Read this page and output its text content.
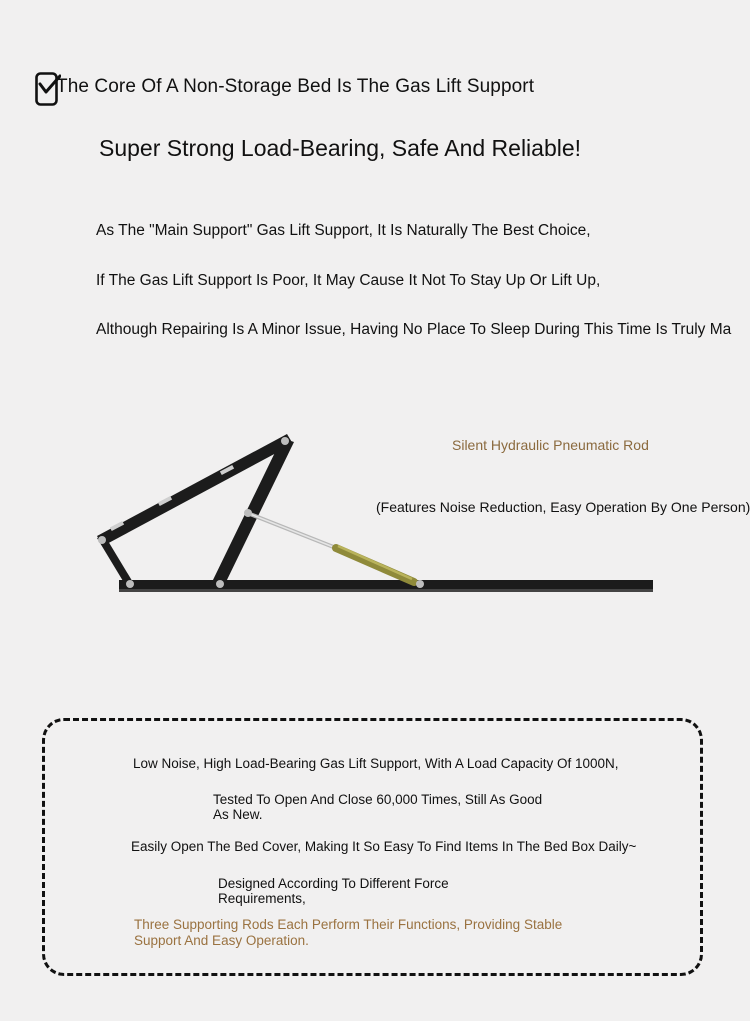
The Core Of A Non-Storage Bed Is The Gas Lift Support
Super Strong Load-Bearing, Safe And Reliable!
As The "Main Support" Gas Lift Support, It Is Naturally The Best Choice,
If The Gas Lift Support Is Poor, It May Cause It Not To Stay Up Or Lift Up,
Although Repairing Is A Minor Issue, Having No Place To Sleep During This Time Is Truly Ma
Silent Hydraulic Pneumatic Rod
(Features Noise Reduction, Easy Operation By One Person)
Low Noise, High Load-Bearing Gas Lift Support, With A Load Capacity Of 1000N,
Tested To Open And Close 60,000 Times, Still As Good As New.
Easily Open The Bed Cover, Making It So Easy To Find Items In The Bed Box Daily~
Designed According To Different Force Requirements,
Three Supporting Rods Each Perform Their Functions, Providing Stable Support And Easy Operation.
